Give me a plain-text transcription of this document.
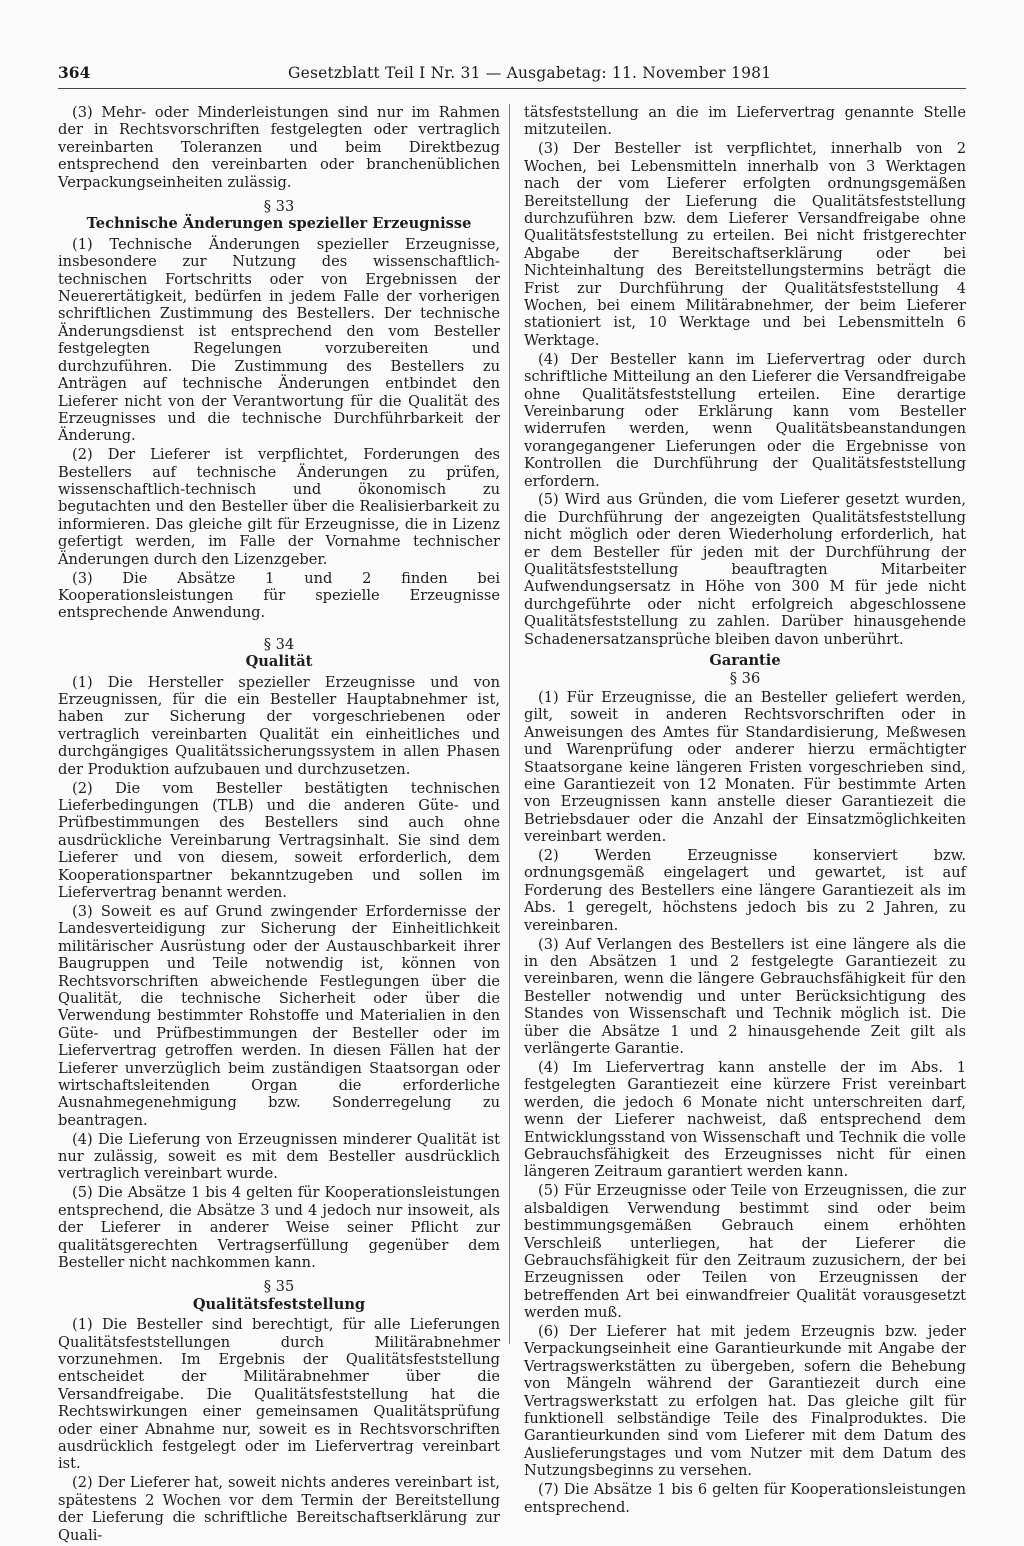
364	Gesetzblatt Teil I Nr. 31 — Ausgabetag: 11. November 1981

(3) Mehr- oder Minderleistungen sind nur im Rahmen der in Rechtsvorschriften festgelegten oder vertraglich vereinbarten Toleranzen und beim Direktbezug entsprechend den vereinbarten oder branchenüblichen Verpackungseinheiten zulässig.

§ 33
Technische Änderungen spezieller Erzeugnisse

(1) Technische Änderungen spezieller Erzeugnisse, insbesondere zur Nutzung des wissenschaftlich-technischen Fortschritts oder von Ergebnissen der Neuerertätigkeit, bedürfen in jedem Falle der vorherigen schriftlichen Zustimmung des Bestellers. Der technische Änderungsdienst ist entsprechend den vom Besteller festgelegten Regelungen vorzubereiten und durchzuführen. Die Zustimmung des Bestellers zu Anträgen auf technische Änderungen entbindet den Lieferer nicht von der Verantwortung für die Qualität des Erzeugnisses und die technische Durchführbarkeit der Änderung.

(2) Der Lieferer ist verpflichtet, Forderungen des Bestellers auf technische Änderungen zu prüfen, wissenschaftlich-technisch und ökonomisch zu begutachten und den Besteller über die Realisierbarkeit zu informieren. Das gleiche gilt für Erzeugnisse, die in Lizenz gefertigt werden, im Falle der Vornahme technischer Änderungen durch den Lizenzgeber.

(3) Die Absätze 1 und 2 finden bei Kooperationsleistungen für spezielle Erzeugnisse entsprechende Anwendung.

§ 34
Qualität

(1) Die Hersteller spezieller Erzeugnisse und von Erzeugnissen, für die ein Besteller Hauptabnehmer ist, haben zur Sicherung der vorgeschriebenen oder vertraglich vereinbarten Qualität ein einheitliches und durchgängiges Qualitätssicherungssystem in allen Phasen der Produktion aufzubauen und durchzusetzen.

(2) Die vom Besteller bestätigten technischen Lieferbedingungen (TLB) und die anderen Güte- und Prüfbestimmungen des Bestellers sind auch ohne ausdrückliche Vereinbarung Vertragsinhalt. Sie sind dem Lieferer und von diesem, soweit erforderlich, dem Kooperationspartner bekanntzugeben und sollen im Liefervertrag benannt werden.

(3) Soweit es auf Grund zwingender Erfordernisse der Landesverteidigung zur Sicherung der Einheitlichkeit militärischer Ausrüstung oder der Austauschbarkeit ihrer Baugruppen und Teile notwendig ist, können von Rechtsvorschriften abweichende Festlegungen über die Qualität, die technische Sicherheit oder über die Verwendung bestimmter Rohstoffe und Materialien in den Güte- und Prüfbestimmungen der Besteller oder im Liefervertrag getroffen werden. In diesen Fällen hat der Lieferer unverzüglich beim zuständigen Staatsorgan oder wirtschaftsleitenden Organ die erforderliche Ausnahmegenehmigung bzw. Sonderregelung zu beantragen.

(4) Die Lieferung von Erzeugnissen minderer Qualität ist nur zulässig, soweit es mit dem Besteller ausdrücklich vertraglich vereinbart wurde.

(5) Die Absätze 1 bis 4 gelten für Kooperationsleistungen entsprechend, die Absätze 3 und 4 jedoch nur insoweit, als der Lieferer in anderer Weise seiner Pflicht zur qualitätsgerechten Vertragserfüllung gegenüber dem Besteller nicht nachkommen kann.

§ 35
Qualitätsfeststellung

(1) Die Besteller sind berechtigt, für alle Lieferungen Qualitätsfeststellungen durch Militärabnehmer vorzunehmen. Im Ergebnis der Qualitätsfeststellung entscheidet der Militärabnehmer über die Versandfreigabe. Die Qualitätsfeststellung hat die Rechtswirkungen einer gemeinsamen Qualitätsprüfung oder einer Abnahme nur, soweit es in Rechtsvorschriften ausdrücklich festgelegt oder im Liefervertrag vereinbart ist.

(2) Der Lieferer hat, soweit nichts anderes vereinbart ist, spätestens 2 Wochen vor dem Termin der Bereitstellung der Lieferung die schriftliche Bereitschaftserklärung zur Quali-

tätsfeststellung an die im Liefervertrag genannte Stelle mitzuteilen.

(3) Der Besteller ist verpflichtet, innerhalb von 2 Wochen, bei Lebensmitteln innerhalb von 3 Werktagen nach der vom Lieferer erfolgten ordnungsgemäßen Bereitstellung der Lieferung die Qualitätsfeststellung durchzuführen bzw. dem Lieferer Versandfreigabe ohne Qualitätsfeststellung zu erteilen. Bei nicht fristgerechter Abgabe der Bereitschaftserklärung oder bei Nichteinhaltung des Bereitstellungstermins beträgt die Frist zur Durchführung der Qualitätsfeststellung 4 Wochen, bei einem Militärabnehmer, der beim Lieferer stationiert ist, 10 Werktage und bei Lebensmitteln 6 Werktage.

(4) Der Besteller kann im Liefervertrag oder durch schriftliche Mitteilung an den Lieferer die Versandfreigabe ohne Qualitätsfeststellung erteilen. Eine derartige Vereinbarung oder Erklärung kann vom Besteller widerrufen werden, wenn Qualitätsbeanstandungen vorangegangener Lieferungen oder die Ergebnisse von Kontrollen die Durchführung der Qualitätsfeststellung erfordern.

(5) Wird aus Gründen, die vom Lieferer gesetzt wurden, die Durchführung der angezeigten Qualitätsfeststellung nicht möglich oder deren Wiederholung erforderlich, hat er dem Besteller für jeden mit der Durchführung der Qualitätsfeststellung beauftragten Mitarbeiter Aufwendungsersatz in Höhe von 300 M für jede nicht durchgeführte oder nicht erfolgreich abgeschlossene Qualitätsfeststellung zu zahlen. Darüber hinausgehende Schadenersatzansprüche bleiben davon unberührt.

Garantie
§ 36

(1) Für Erzeugnisse, die an Besteller geliefert werden, gilt, soweit in anderen Rechtsvorschriften oder in Anweisungen des Amtes für Standardisierung, Meßwesen und Warenprüfung oder anderer hierzu ermächtigter Staatsorgane keine längeren Fristen vorgeschrieben sind, eine Garantiezeit von 12 Monaten. Für bestimmte Arten von Erzeugnissen kann anstelle dieser Garantiezeit die Betriebsdauer oder die Anzahl der Einsatzmöglichkeiten vereinbart werden.

(2) Werden Erzeugnisse konserviert bzw. ordnungsgemäß eingelagert und gewartet, ist auf Forderung des Bestellers eine längere Garantiezeit als im Abs. 1 geregelt, höchstens jedoch bis zu 2 Jahren, zu vereinbaren.

(3) Auf Verlangen des Bestellers ist eine längere als die in den Absätzen 1 und 2 festgelegte Garantiezeit zu vereinbaren, wenn die längere Gebrauchsfähigkeit für den Besteller notwendig und unter Berücksichtigung des Standes von Wissenschaft und Technik möglich ist. Die über die Absätze 1 und 2 hinausgehende Zeit gilt als verlängerte Garantie.

(4) Im Liefervertrag kann anstelle der im Abs. 1 festgelegten Garantiezeit eine kürzere Frist vereinbart werden, die jedoch 6 Monate nicht unterschreiten darf, wenn der Lieferer nachweist, daß entsprechend dem Entwicklungsstand von Wissenschaft und Technik die volle Gebrauchsfähigkeit des Erzeugnisses nicht für einen längeren Zeitraum garantiert werden kann.

(5) Für Erzeugnisse oder Teile von Erzeugnissen, die zur alsbaldigen Verwendung bestimmt sind oder beim bestimmungsgemäßen Gebrauch einem erhöhten Verschleiß unterliegen, hat der Lieferer die Gebrauchsfähigkeit für den Zeitraum zuzusichern, der bei Erzeugnissen oder Teilen von Erzeugnissen der betreffenden Art bei einwandfreier Qualität vorausgesetzt werden muß.

(6) Der Lieferer hat mit jedem Erzeugnis bzw. jeder Verpackungseinheit eine Garantieurkunde mit Angabe der Vertragswerkstätten zu übergeben, sofern die Behebung von Mängeln während der Garantiezeit durch eine Vertragswerkstatt zu erfolgen hat. Das gleiche gilt für funktionell selbständige Teile des Finalproduktes. Die Garantieurkunden sind vom Lieferer mit dem Datum des Auslieferungstages und vom Nutzer mit dem Datum des Nutzungsbeginns zu versehen.

(7) Die Absätze 1 bis 6 gelten für Kooperationsleistungen entsprechend.
